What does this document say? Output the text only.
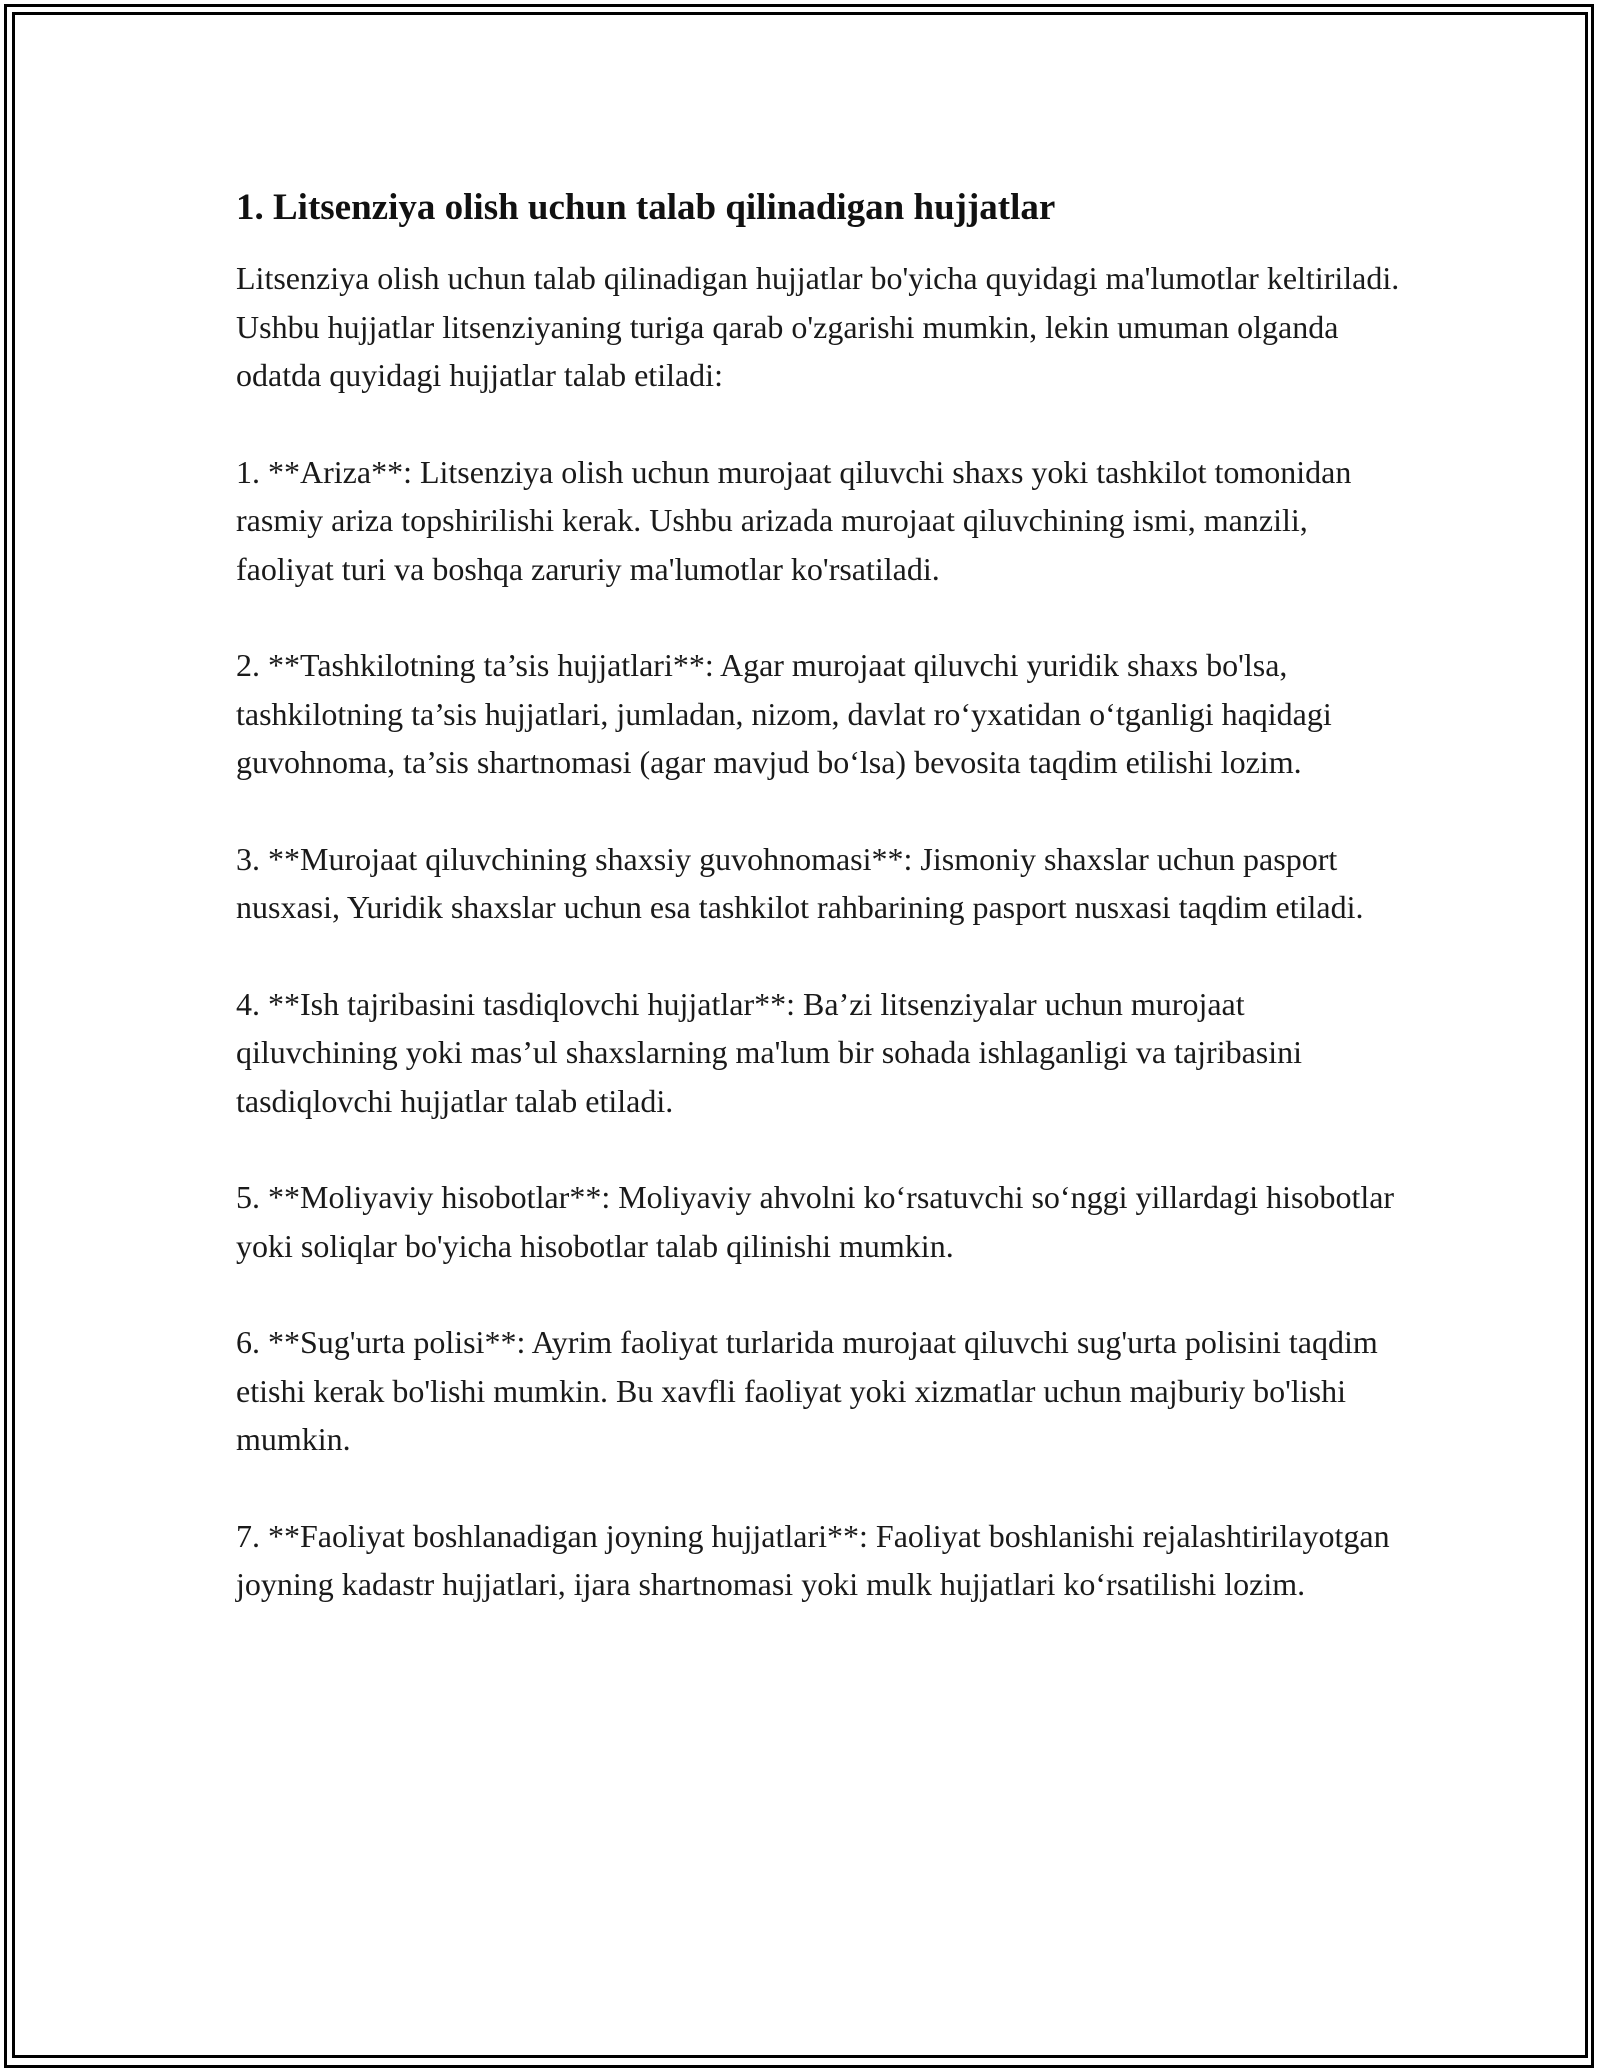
1. Litsenziya olish uchun talab qilinadigan hujjatlar

Litsenziya olish uchun talab qilinadigan hujjatlar bo'yicha quyidagi ma'lumotlar keltiriladi. Ushbu hujjatlar litsenziyaning turiga qarab o'zgarishi mumkin, lekin umuman olganda odatda quyidagi hujjatlar talab etiladi:

1. **Ariza**: Litsenziya olish uchun murojaat qiluvchi shaxs yoki tashkilot tomonidan rasmiy ariza topshirilishi kerak. Ushbu arizada murojaat qiluvchining ismi, manzili, faoliyat turi va boshqa zaruriy ma'lumotlar ko'rsatiladi.

2. **Tashkilotning ta’sis hujjatlari**: Agar murojaat qiluvchi yuridik shaxs bo'lsa, tashkilotning ta’sis hujjatlari, jumladan, nizom, davlat ro‘yxatidan o‘tganligi haqidagi guvohnoma, ta’sis shartnomasi (agar mavjud bo‘lsa) bevosita taqdim etilishi lozim.

3. **Murojaat qiluvchining shaxsiy guvohnomasi**: Jismoniy shaxslar uchun pasport nusxasi, Yuridik shaxslar uchun esa tashkilot rahbarining pasport nusxasi taqdim etiladi.

4. **Ish tajribasini tasdiqlovchi hujjatlar**: Ba’zi litsenziyalar uchun murojaat qiluvchining yoki mas’ul shaxslarning ma'lum bir sohada ishlaganligi va tajribasini tasdiqlovchi hujjatlar talab etiladi.

5. **Moliyaviy hisobotlar**: Moliyaviy ahvolni ko‘rsatuvchi so‘nggi yillardagi hisobotlar yoki soliqlar bo'yicha hisobotlar talab qilinishi mumkin.

6. **Sug'urta polisi**: Ayrim faoliyat turlarida murojaat qiluvchi sug'urta polisini taqdim etishi kerak bo'lishi mumkin. Bu xavfli faoliyat yoki xizmatlar uchun majburiy bo'lishi mumkin.

7. **Faoliyat boshlanadigan joyning hujjatlari**: Faoliyat boshlanishi rejalashtirilayotgan joyning kadastr hujjatlari, ijara shartnomasi yoki mulk hujjatlari ko‘rsatilishi lozim.
